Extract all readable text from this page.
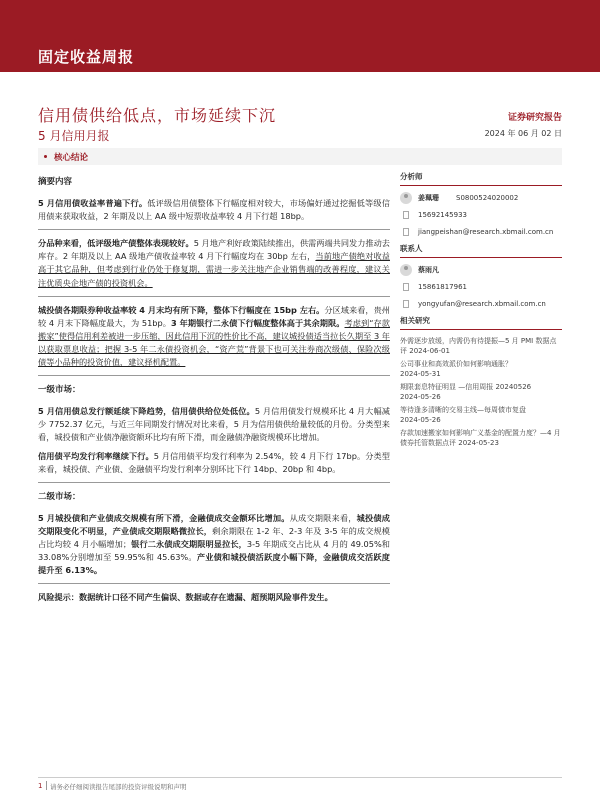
固定收益周报
信用债供给低点，市场延续下沉
5 月信用月报
证券研究报告
2024 年 06 月 02 日
核心结论
摘要内容

5 月信用债收益率普遍下行。低评级信用债整体下行幅度相对较大，市场偏好通过挖掘低等级信用债来获取收益，2 年期及以上 AA 级中短票收益率较 4 月下行超 18bp。

分品种来看，低评级地产债整体表现较好。5 月地产利好政策陆续推出，供需两端共同发力推动去库存。2 年期及以上 AA 级地产债收益率较 4 月下行幅度均在 30bp 左右，当前地产债绝对收益高于其它品种，但考虑到行业仍处于修复期，需进一步关注地产企业销售端的改善程度，建议关注优质央企地产债的投资机会。

城投债各期限券种收益率较 4 月末均有所下降，整体下行幅度在 15bp 左右。分区域来看，贵州较 4 月末下降幅度最大，为 51bp。3 年期银行二永债下行幅度整体高于其余期限。考虑到“存款搬家”使得信用利差被进一步压缩，因此信用下沉的性价比不高，建议城投债适当拉长久期至 3 年以获取票息收益；把握 3-5 年二永债投资机会，“资产荒”背景下也可关注券商次级债、保险次级债等小品种的投资价值，建议择机配置。

一级市场：

5 月信用债总发行额延续下降趋势，信用债供给位处低位。5 月信用债发行规模环比 4 月大幅减少 7752.37 亿元，与近三年同期发行情况对比来看，5 月为信用债供给量较低的月份。分类型来看，城投债和产业债净融资额环比均有所下滑，而金融债净融资规模环比增加。

信用债平均发行利率继续下行。5 月信用债平均发行利率为 2.54%，较 4 月下行 17bp。分类型来看，城投债、产业债、金融债平均发行利率分别环比下行 14bp、20bp 和 4bp。

二级市场：

5 月城投债和产业债成交规模有所下滑，金融债成交金额环比增加。从成交期限来看，城投债成交期限变化不明显，产业债成交期限略微拉长，剩余期限在 1-2 年、2-3 年及 3-5 年的成交规模占比均较 4 月小幅增加；银行二永债成交期限明显拉长，3-5 年期成交占比从 4 月的 49.05%和 33.08%分别增加至 59.95%和 45.63%。产业债和城投债活跃度小幅下降，金融债成交活跃度提升至 6.13%。

风险提示：数据统计口径不同产生偏误、数据或存在遗漏、超预期风险事件发生。

分析师
姜珮珊 S0800524020002
15692145933
jiangpeishan@research.xbmail.com.cn
联系人
蔡雨凡
15861817961
yongyufan@research.xbmail.com.cn
相关研究
外需逐步放缓，内需仍有待提振—5 月 PMI 数据点评 2024-06-01
公司事业和高效派价如何影响通胀？
2024-05-31
期限套息特征明显 —信用周报 20240526
2024-05-26
等待逢多清晰的交易主线—每周债市复盘
2024-05-26
存款加速搬家如何影响广义基金的配置力度？—4 月债券托管数据点评 2024-05-23
1 请务必仔细阅读报告尾部的投资评级说明和声明
